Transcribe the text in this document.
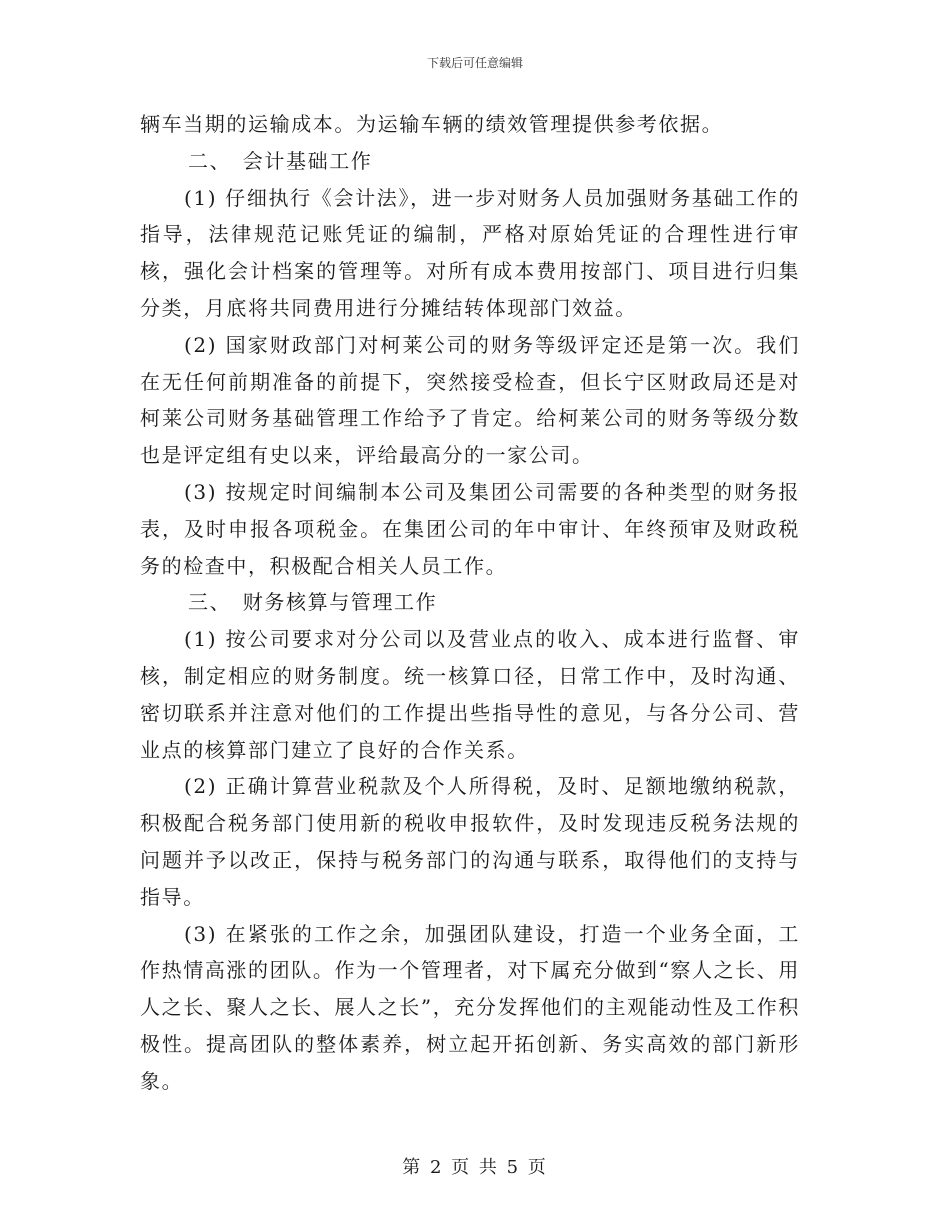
下载后可任意编辑

辆车当期的运输成本。为运输车辆的绩效管理提供参考依据。

二、　会计基础工作

(1) 仔细执行《会计法》，进一步对财务人员加强财务基础工作的指导，法律规范记账凭证的编制，严格对原始凭证的合理性进行审核，强化会计档案的管理等。对所有成本费用按部门、项目进行归集分类，月底将共同费用进行分摊结转体现部门效益。

(2) 国家财政部门对柯莱公司的财务等级评定还是第一次。我们在无任何前期准备的前提下，突然接受检查，但长宁区财政局还是对柯莱公司财务基础管理工作给予了肯定。给柯莱公司的财务等级分数也是评定组有史以来，评给最高分的一家公司。

(3) 按规定时间编制本公司及集团公司需要的各种类型的财务报表，及时申报各项税金。在集团公司的年中审计、年终预审及财政税务的检查中，积极配合相关人员工作。

三、　财务核算与管理工作

(1) 按公司要求对分公司以及营业点的收入、成本进行监督、审核，制定相应的财务制度。统一核算口径，日常工作中，及时沟通、密切联系并注意对他们的工作提出些指导性的意见，与各分公司、营业点的核算部门建立了良好的合作关系。

(2) 正确计算营业税款及个人所得税，及时、足额地缴纳税款，积极配合税务部门使用新的税收申报软件，及时发现违反税务法规的问题并予以改正，保持与税务部门的沟通与联系，取得他们的支持与指导。

(3) 在紧张的工作之余，加强团队建设，打造一个业务全面，工作热情高涨的团队。作为一个管理者，对下属充分做到“察人之长、用人之长、聚人之长、展人之长”，充分发挥他们的主观能动性及工作积极性。提高团队的整体素养，树立起开拓创新、务实高效的部门新形象。

第 2 页 共 5 页
